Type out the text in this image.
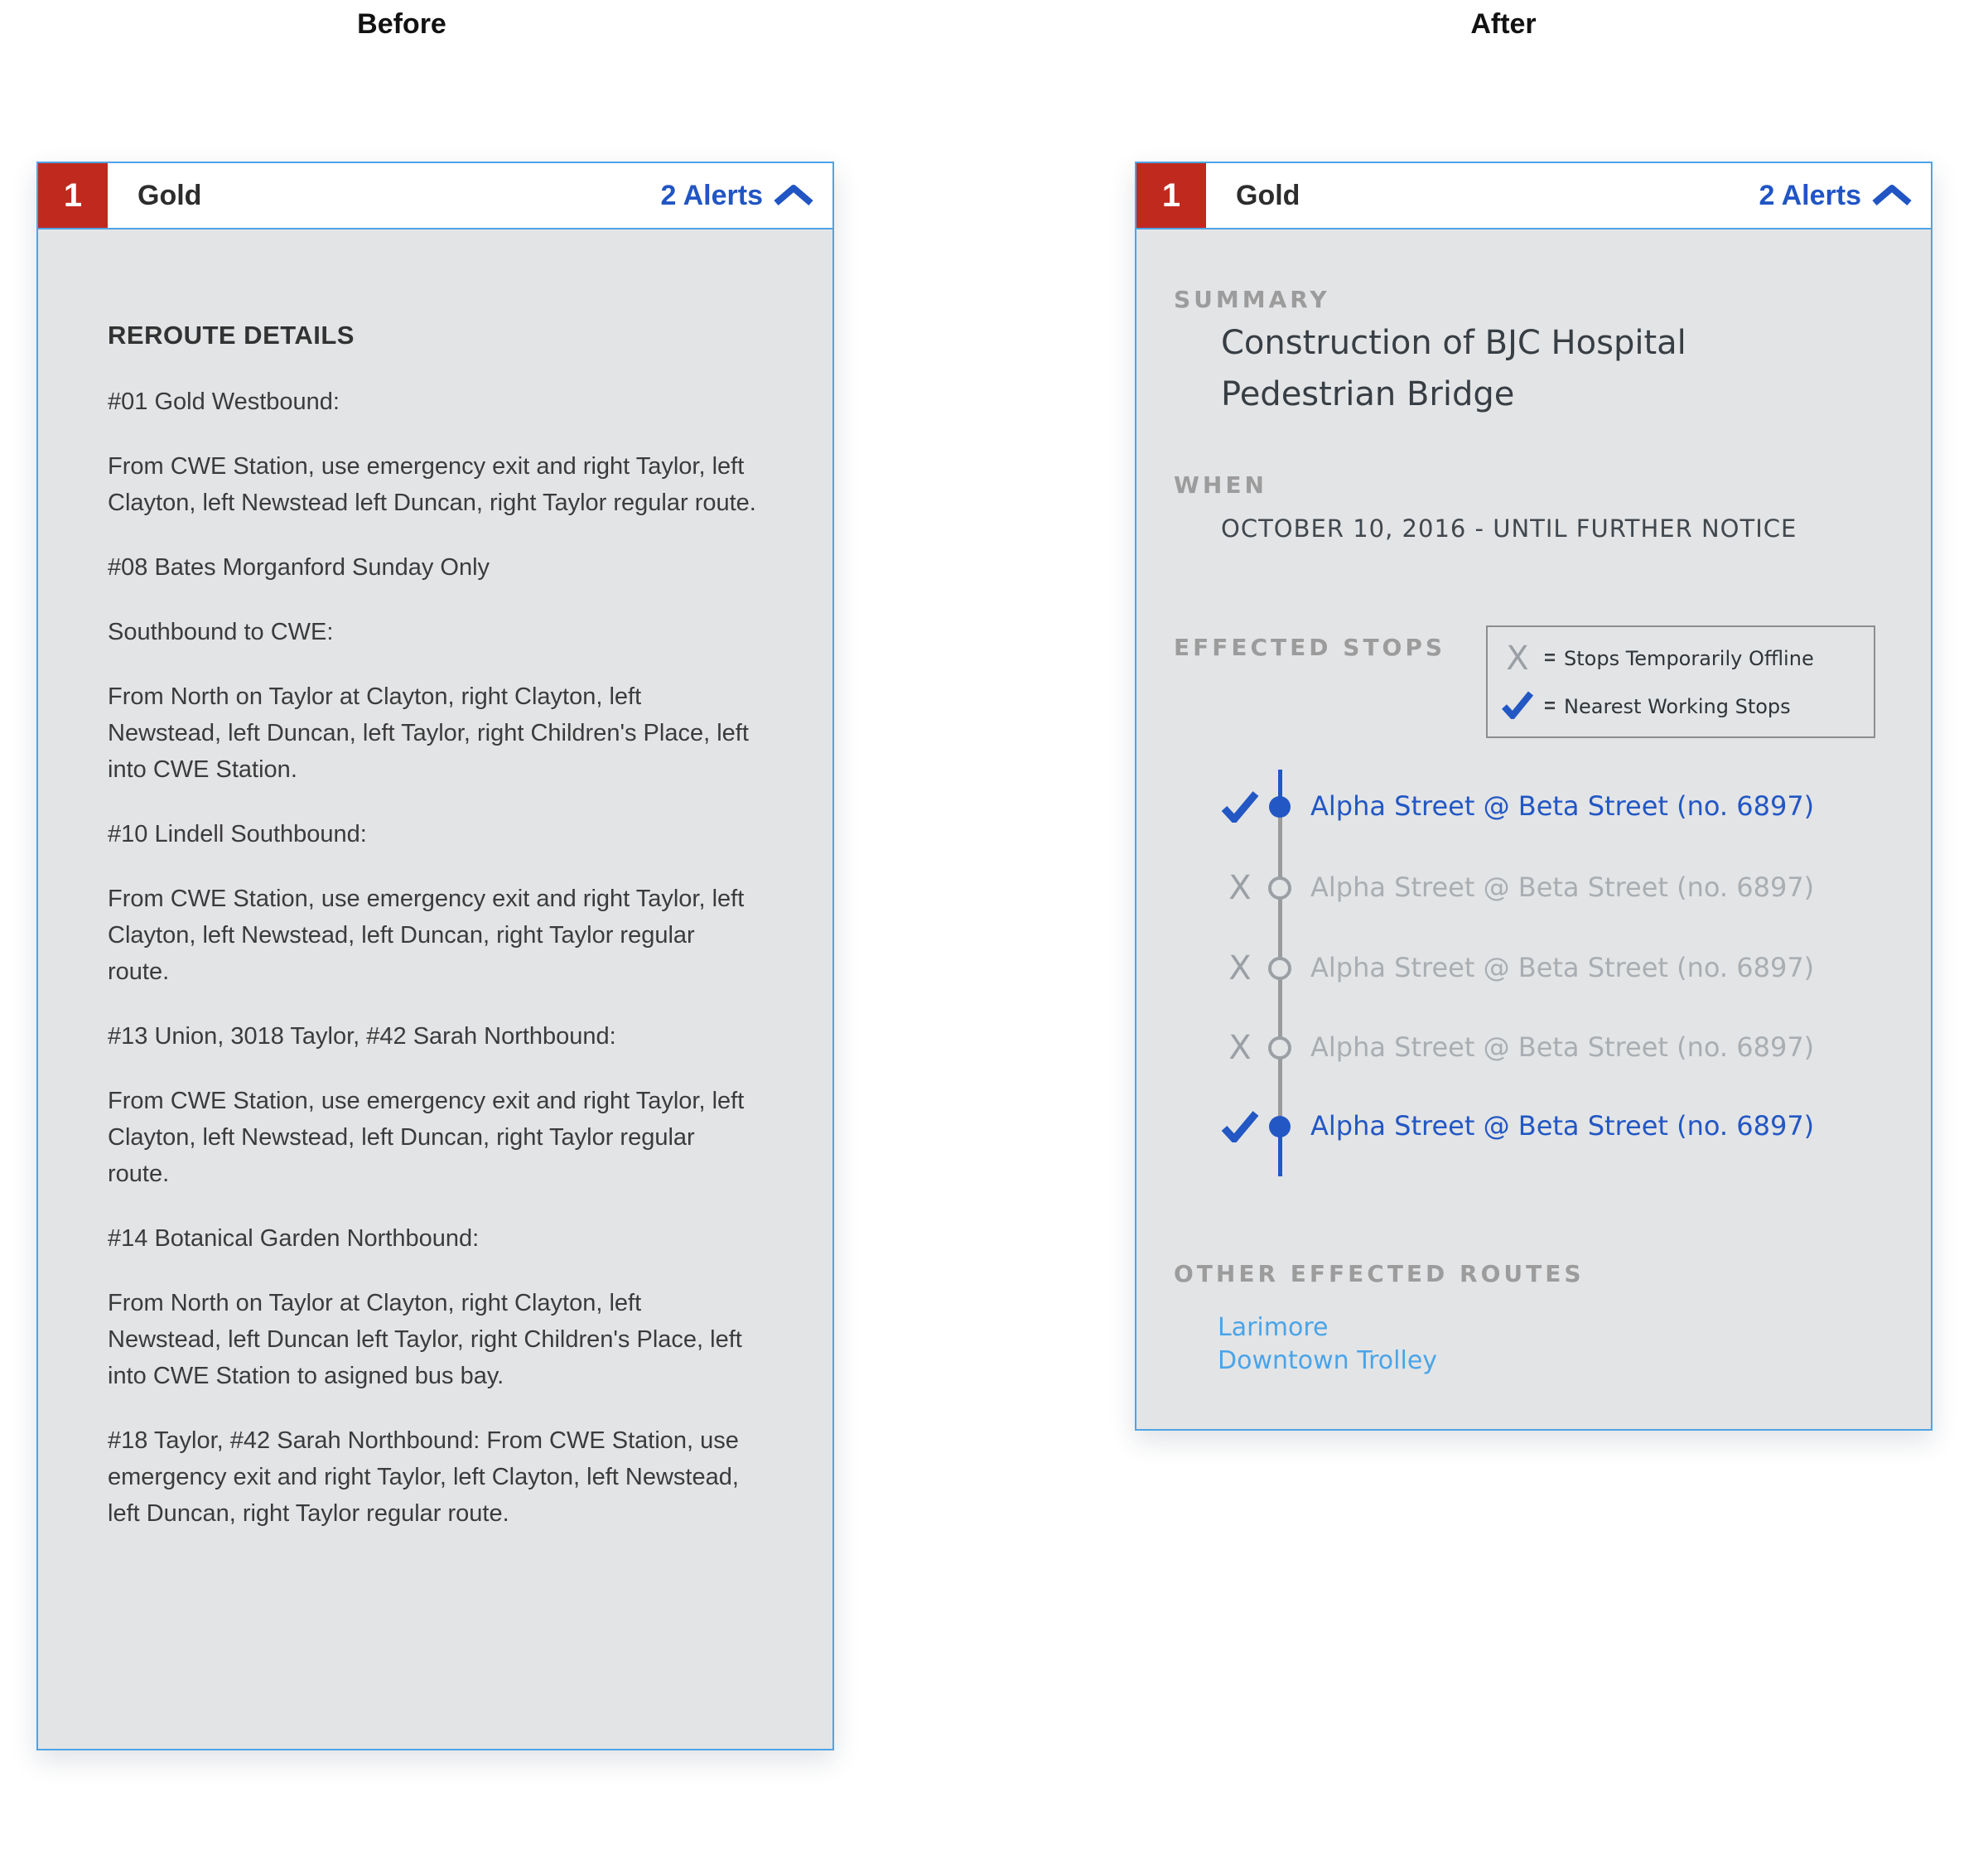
Before	After
1	Gold	2 Alerts
REROUTE DETAILS

#01 Gold Westbound:

From CWE Station, use emergency exit and right Taylor, left Clayton, left Newstead left Duncan, right Taylor regular route.

#08 Bates Morganford Sunday Only

Southbound to CWE:

From North on Taylor at Clayton, right Clayton, left Newstead, left Duncan, left Taylor, right Children's Place, left into CWE Station.

#10 Lindell Southbound:

From CWE Station, use emergency exit and right Taylor, left Clayton, left Newstead, left Duncan, right Taylor regular route.

#13 Union, 3018 Taylor, #42 Sarah Northbound:

From CWE Station, use emergency exit and right Taylor, left Clayton, left Newstead, left Duncan, right Taylor regular route.

#14 Botanical Garden Northbound:

From North on Taylor at Clayton, right Clayton, left Newstead, left Duncan left Taylor, right Children's Place, left into CWE Station to asigned bus bay.

#18 Taylor, #42 Sarah Northbound: From CWE Station, use emergency exit and right Taylor, left Clayton, left Newstead, left Duncan, right Taylor regular route.

1	Gold	2 Alerts
SUMMARY
Construction of BJC Hospital Pedestrian Bridge
WHEN
OCTOBER 10, 2016 - UNTIL FURTHER NOTICE
EFFECTED STOPS X = Stops Temporarily Offline
= Nearest Working Stops
Alpha Street @ Beta Street (no. 6897)
X	Alpha Street @ Beta Street (no. 6897)
X	Alpha Street @ Beta Street (no. 6897)
X	Alpha Street @ Beta Street (no. 6897)
Alpha Street @ Beta Street (no. 6897)
OTHER EFFECTED ROUTES
Larimore
Downtown Trolley
